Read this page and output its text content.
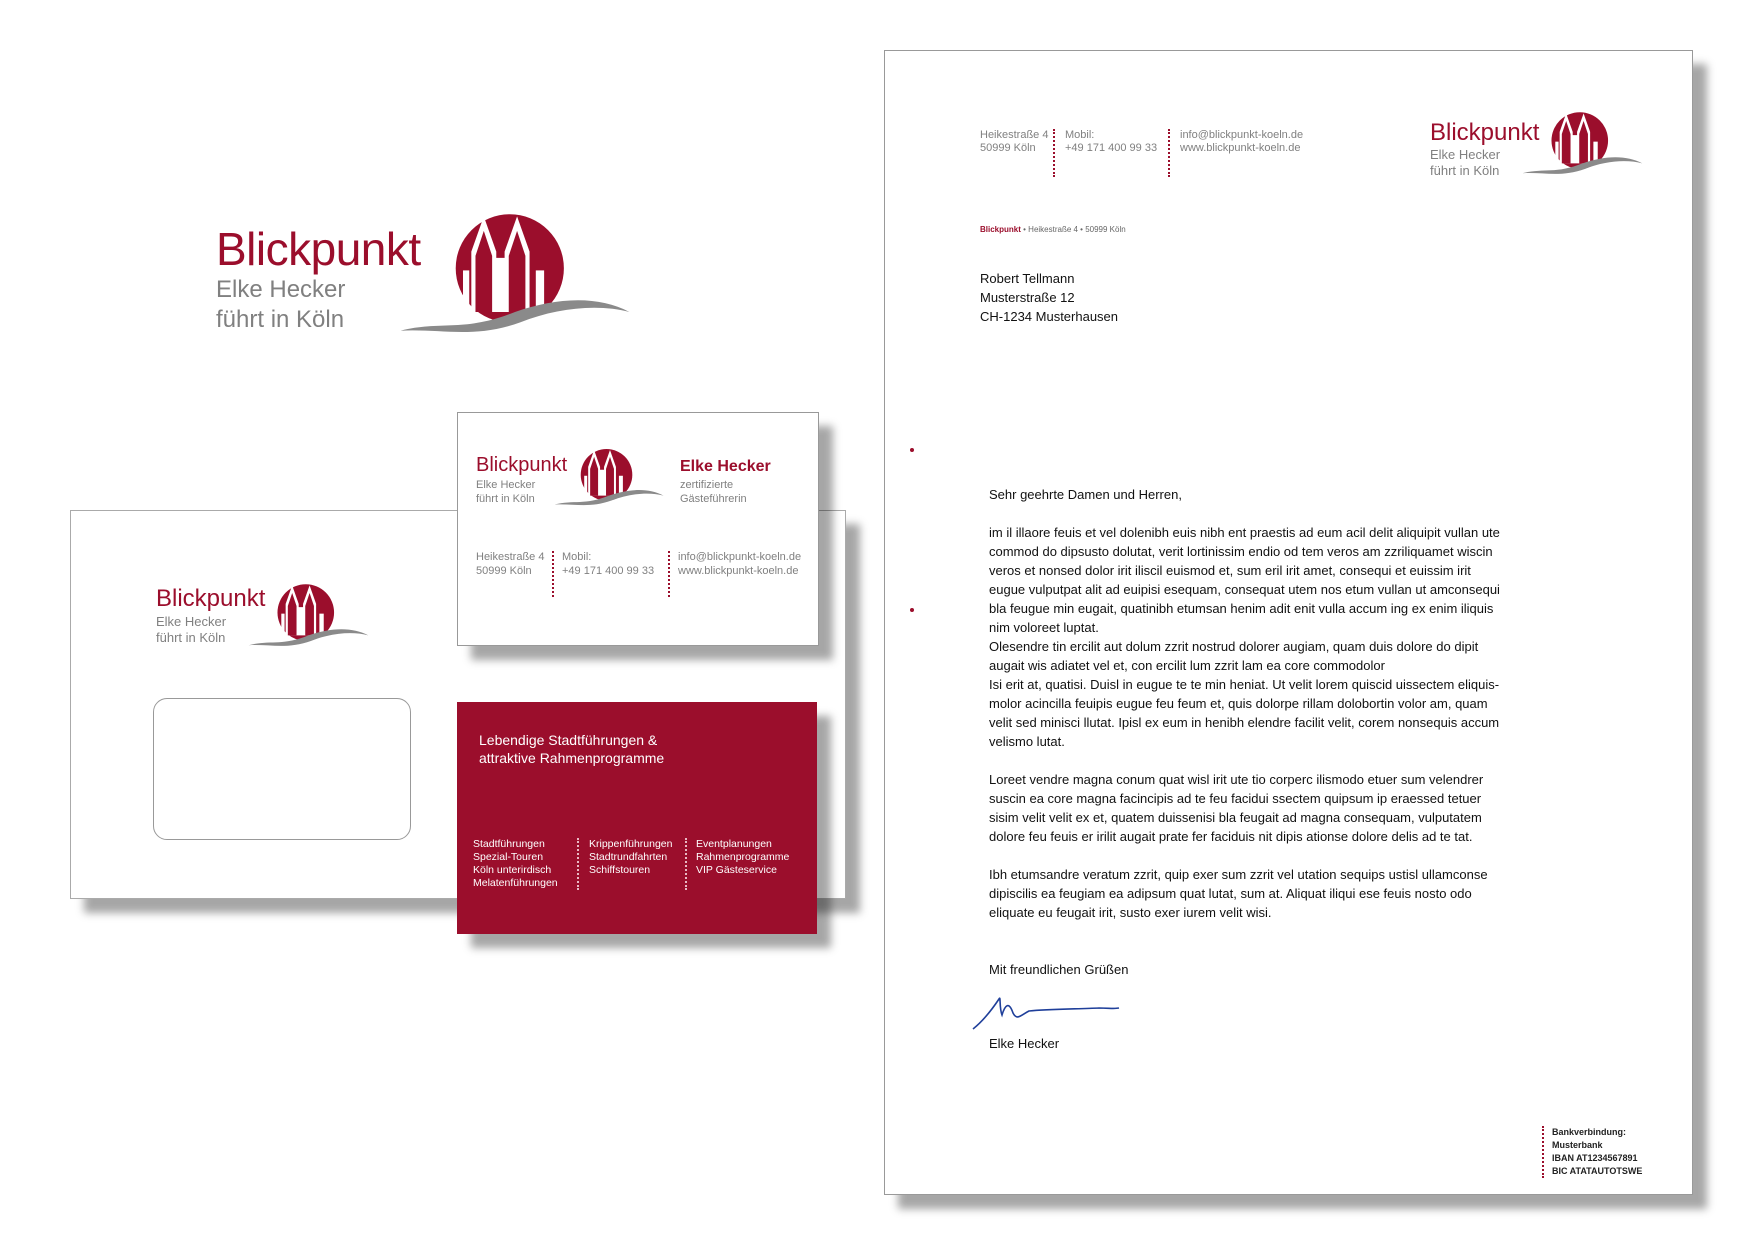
Blickpunkt
Elke Hecker
führt in Köln
Blickpunkt
Elke Hecker
führt in Köln
Blickpunkt
Elke Hecker
führt in Köln
Elke Hecker
zertifizierte
Gästeführerin
Heikestraße 4
50999 Köln
Mobil:
+49 171 400 99 33
info@blickpunkt-koeln.de
www.blickpunkt-koeln.de
Lebendige Stadtführungen &
attraktive Rahmenprogramme
Stadtführungen
Spezial-Touren
Köln unterirdisch
Melatenführungen
Krippenführungen
Stadtrundfahrten
Schiffstouren
Eventplanungen
Rahmenprogramme
VIP Gästeservice
Heikestraße 4
50999 Köln
Mobil:
+49 171 400 99 33
info@blickpunkt-koeln.de
www.blickpunkt-koeln.de
Blickpunkt
Elke Hecker
führt in Köln
Blickpunkt • Heikestraße 4 • 50999 Köln
Robert Tellmann
Musterstraße 12
CH-1234 Musterhausen

Sehr geehrte Damen und Herren,

im il illaore feuis et vel dolenibh euis nibh ent praestis ad eum acil delit aliquipit vullan ute
commod do dipsusto dolutat, verit lortinissim endio od tem veros am zzriliquamet wiscin
veros et nonsed dolor irit iliscil euismod et, sum eril irit amet, consequi et euissim irit
eugue vulputpat alit ad euipisi esequam, consequat utem nos etum vullan ut amconsequi
bla feugue min eugait, quatinibh etumsan henim adit enit vulla accum ing ex enim iliquis
nim voloreet luptat.
Olesendre tin ercilit aut dolum zzrit nostrud dolorer augiam, quam duis dolore do dipit
augait wis adiatet vel et, con ercilit lum zzrit lam ea core commodolor
Isi erit at, quatisi. Duisl in eugue te te min heniat. Ut velit lorem quiscid uissectem eliquis-
molor acincilla feuipis eugue feu feum et, quis dolorpe rillam dolobortin volor am, quam
velit sed minisci llutat. Ipisl ex eum in henibh elendre facilit velit, corem nonsequis accum
velismo lutat.

Loreet vendre magna conum quat wisl irit ute tio corperc ilismodo etuer sum velendrer
suscin ea core magna facincipis ad te feu facidui ssectem quipsum ip eraessed tetuer
sisim velit velit ex et, quatem duissenisi bla feugait ad magna consequam, vulputatem
dolore feu feuis er irilit augait prate fer faciduis nit dipis ationse dolore delis ad te tat.

Ibh etumsandre veratum zzrit, quip exer sum zzrit vel utation sequips ustisl ullamconse
dipiscilis ea feugiam ea adipsum quat lutat, sum at. Aliquat iliqui ese feuis nosto odo
eliquate eu feugait irit, susto exer iurem velit wisi.

Mit freundlichen Grüßen

Elke Hecker
Bankverbindung:
Musterbank
IBAN AT1234567891
BIC ATATAUTOTSWE
